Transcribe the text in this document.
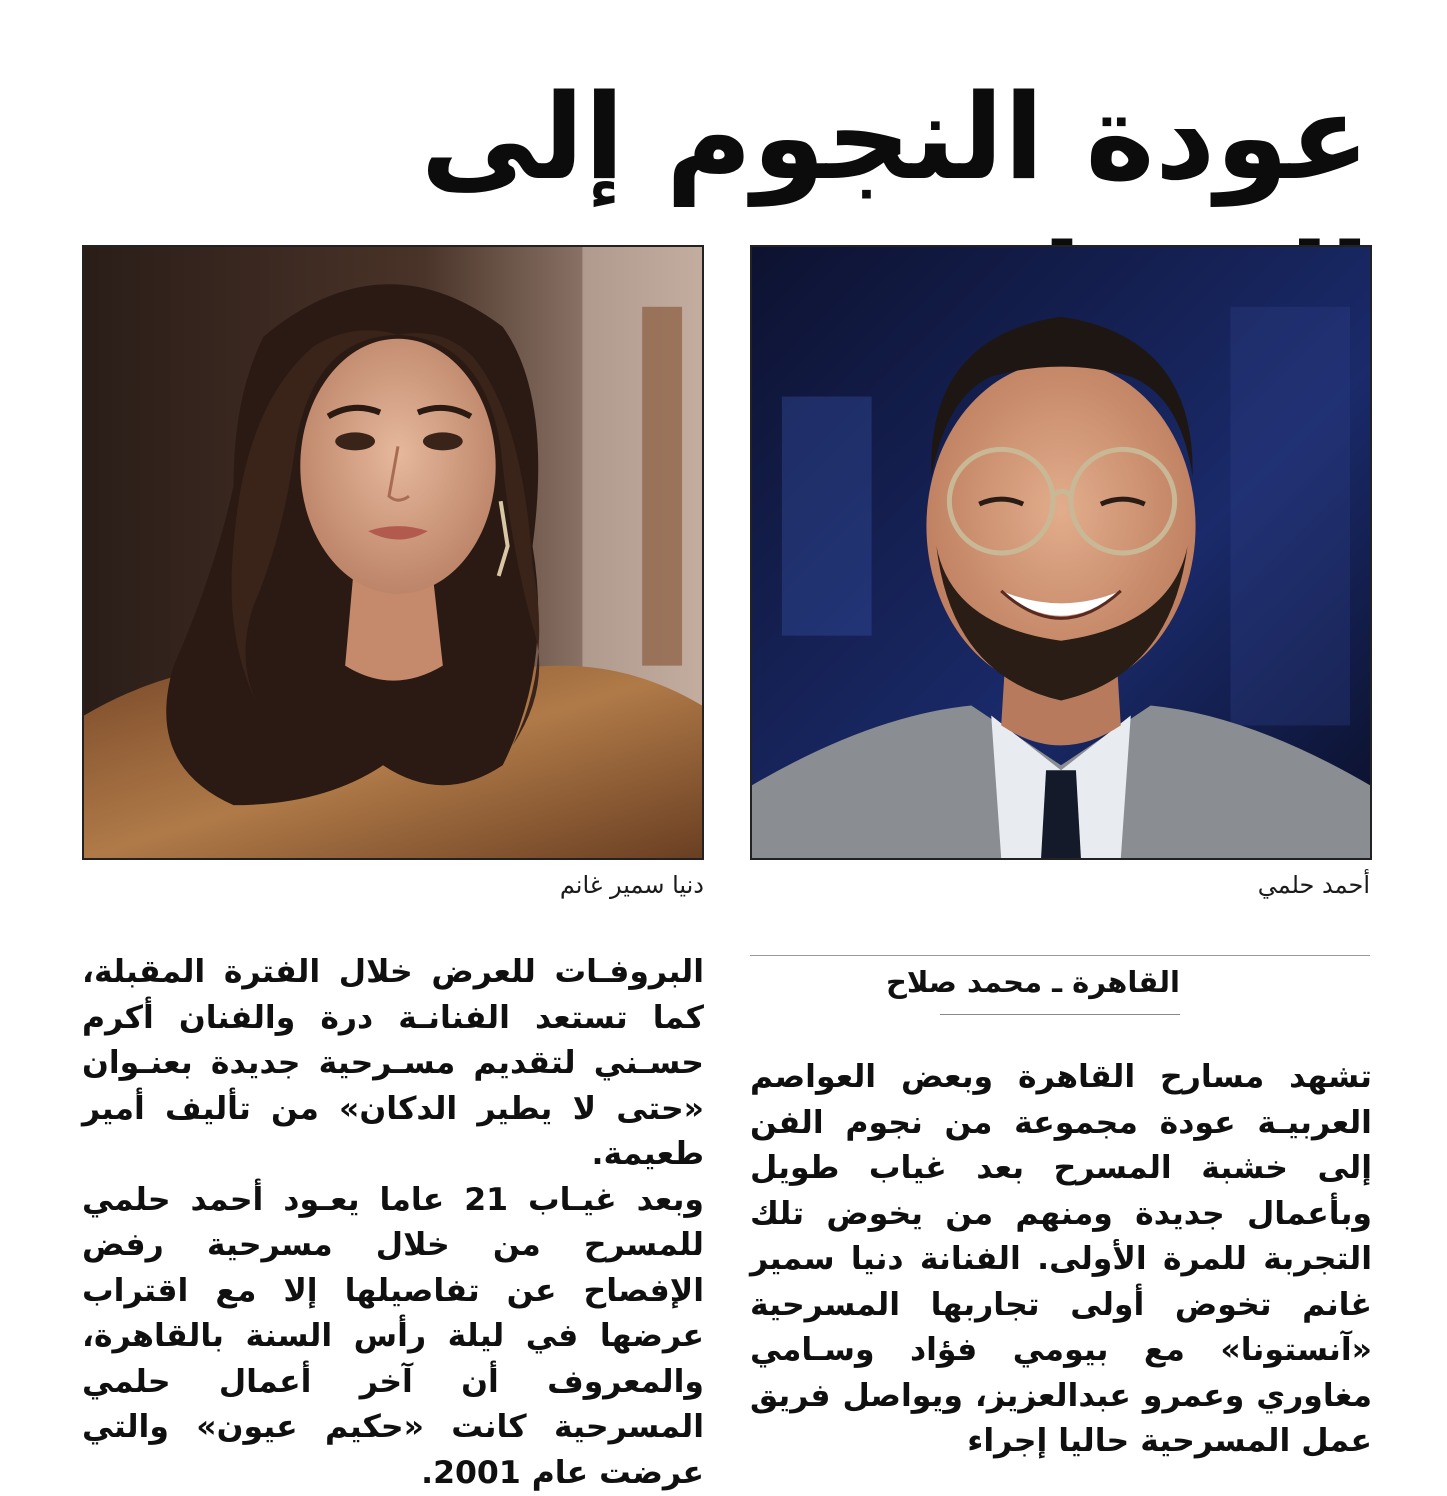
عودة النجوم إلى
دنيا سمير غانم	أحمد حلمي
القاهرة ـ محمد صلاح

تشهد مسارح القاهرة وبعض العواصم العربيـة عودة مجموعة من نجوم الفن إلى خشبة المسرح بعد غياب طويل وبأعمال جديدة ومنهم من يخوض تلك التجربة للمرة الأولى. الفنانة دنيا سمير غانم تخوض أولى تجاربها المسرحية «آنستونا» مع بيومي فؤاد وسـامي مغاوري وعمرو عبدالعزيز، ويواصل فريق عمل المسرحية حاليا إجراء

البروفـات للعرض خلال الفترة المقبلة، كما تستعد الفنانـة درة والفنان أكرم حسـني لتقديم مسـرحية جديدة بعنـوان «حتى لا يطير الدكان» من تأليف أمير طعيمة.

وبعد غيـاب 21 عاما يعـود أحمد حلمي للمسرح من خلال مسرحية رفض الإفصاح عن تفاصيلها إلا مع اقتراب عرضها في ليلة رأس السنة بالقاهرة، والمعروف أن آخر أعمال حلمي المسرحية كانت «حكيم عيون» والتي عرضت عام 2001.
